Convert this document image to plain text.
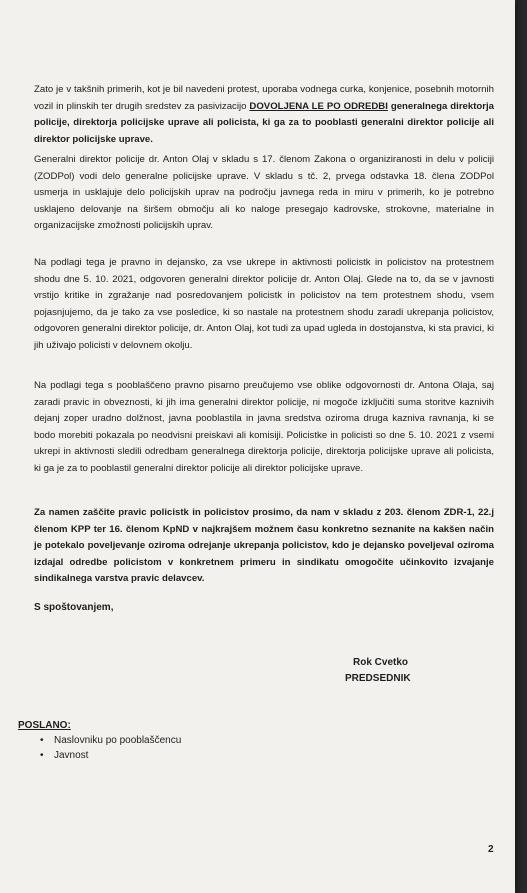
Zato je v takšnih primerih, kot je bil navedeni protest, uporaba vodnega curka, konjenice, posebnih motornih vozil in plinskih ter drugih sredstev za pasivizacijo DOVOLJENA LE PO ODREDBI generalnega direktorja policije, direktorja policijske uprave ali policista, ki ga za to pooblasti generalni direktor policije ali direktor policijske uprave.

Generalni direktor policije dr. Anton Olaj v skladu s 17. členom Zakona o organiziranosti in delu v policiji (ZODPol) vodi delo generalne policijske uprave. V skladu s tč. 2, prvega odstavka 18. člena ZODPol usmerja in usklajuje delo policijskih uprav na področju javnega reda in miru v primerih, ko je potrebno usklajeno delovanje na širšem območju ali ko naloge presegajo kadrovske, strokovne, materialne in organizacijske zmožnosti policijskih uprav.

Na podlagi tega je pravno in dejansko, za vse ukrepe in aktivnosti policistk in policistov na protestnem shodu dne 5. 10. 2021, odgovoren generalni direktor policije dr. Anton Olaj. Glede na to, da se v javnosti vrstijo kritike in zgražanje nad posredovanjem policistk in policistov na tem protestnem shodu, vsem pojasnjujemo, da je tako za vse posledice, ki so nastale na protestnem shodu zaradi ukrepanja policistov, odgovoren generalni direktor policije, dr. Anton Olaj, kot tudi za upad ugleda in dostojanstva, ki sta pravici, ki jih uživajo policisti v delovnem okolju.

Na podlagi tega s pooblaščeno pravno pisarno preučujemo vse oblike odgovornosti dr. Antona Olaja, saj zaradi pravic in obveznosti, ki jih ima generalni direktor policije, ni mogoče izključiti suma storitve kaznivih dejanj zoper uradno dolžnost, javna pooblastila in javna sredstva oziroma druga kazniva ravnanja, ki se bodo morebiti pokazala po neodvisni preiskavi ali komisiji. Policistke in policisti so dne 5. 10. 2021 z vsemi ukrepi in aktivnosti sledili odredbam generalnega direktorja policije, direktorja policijske uprave ali policista, ki ga je za to pooblastil generalni direktor policije ali direktor policijske uprave.

Za namen zaščite pravic policistk in policistov prosimo, da nam v skladu z 203. členom ZDR-1, 22.j členom KPP ter 16. členom KpND v najkrajšem možnem času konkretno seznanite na kakšen način je potekalo poveljevanje oziroma odrejanje ukrepanja policistov, kdo je dejansko poveljeval oziroma izdajal odredbe policistom v konkretnem primeru in sindikatu omogočite učinkovito izvajanje sindikalnega varstva pravic delavcev.

S spoštovanjem,
Rok Cvetko
PREDSEDNIK
POSLANO:
• Naslovniku po pooblaščencu
• Javnost
2
